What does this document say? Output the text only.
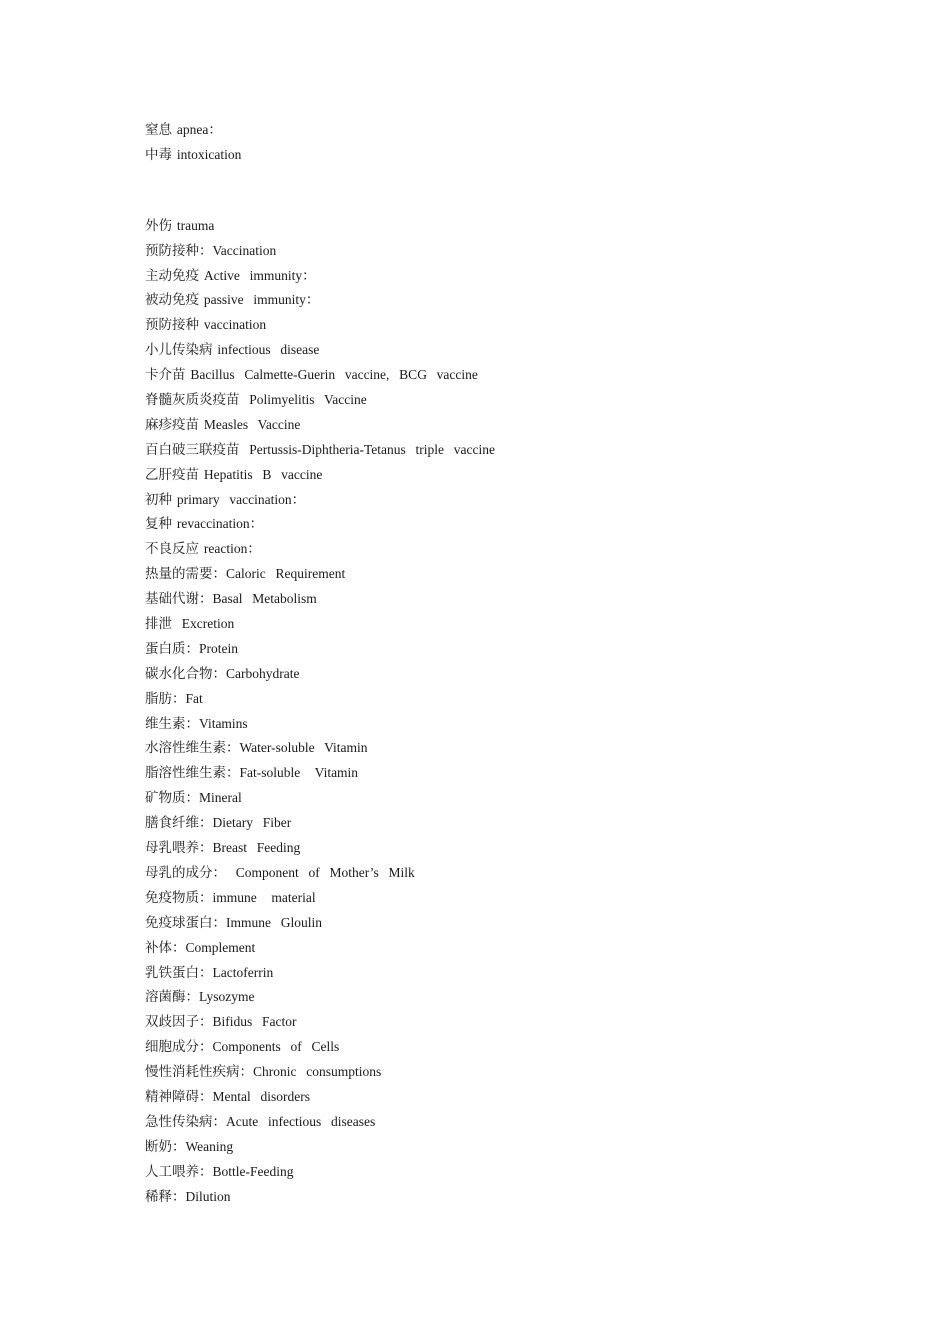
窒息 apnea：
中毒 intoxication
外伤 trauma
预防接种：Vaccination
主动免疫 Active  immunity：
被动免疫 passive  immunity：
预防接种 vaccination
小儿传染病 infectious  disease
卡介苗 Bacillus  Calmette-Guerin  vaccine,  BCG  vaccine
脊髓灰质炎疫苗  Polimyelitis  Vaccine
麻疹疫苗 Measles  Vaccine
百白破三联疫苗  Pertussis-Diphtheria-Tetanus  triple  vaccine
乙肝疫苗 Hepatitis  B  vaccine
初种 primary  vaccination：
复种 revaccination：
不良反应 reaction：
热量的需要：Caloric  Requirement
基础代谢：Basal  Metabolism
排泄  Excretion
蛋白质：Protein
碳水化合物：Carbohydrate
脂肪：Fat
维生素：Vitamins
水溶性维生素：Water-soluble  Vitamin
脂溶性维生素：Fat-soluble   Vitamin
矿物质：Mineral
膳食纤维：Dietary  Fiber
母乳喂养：Breast  Feeding
母乳的成分：  Component  of  Mother’s  Milk
免疫物质：immune   material
免疫球蛋白：Immune  Gloulin
补体：Complement
乳铁蛋白：Lactoferrin
溶菌酶：Lysozyme
双歧因子：Bifidus  Factor
细胞成分：Components  of  Cells
慢性消耗性疾病：Chronic  consumptions
精神障碍：Mental  disorders
急性传染病：Acute  infectious  diseases
断奶：Weaning
人工喂养：Bottle-Feeding
稀释：Dilution
